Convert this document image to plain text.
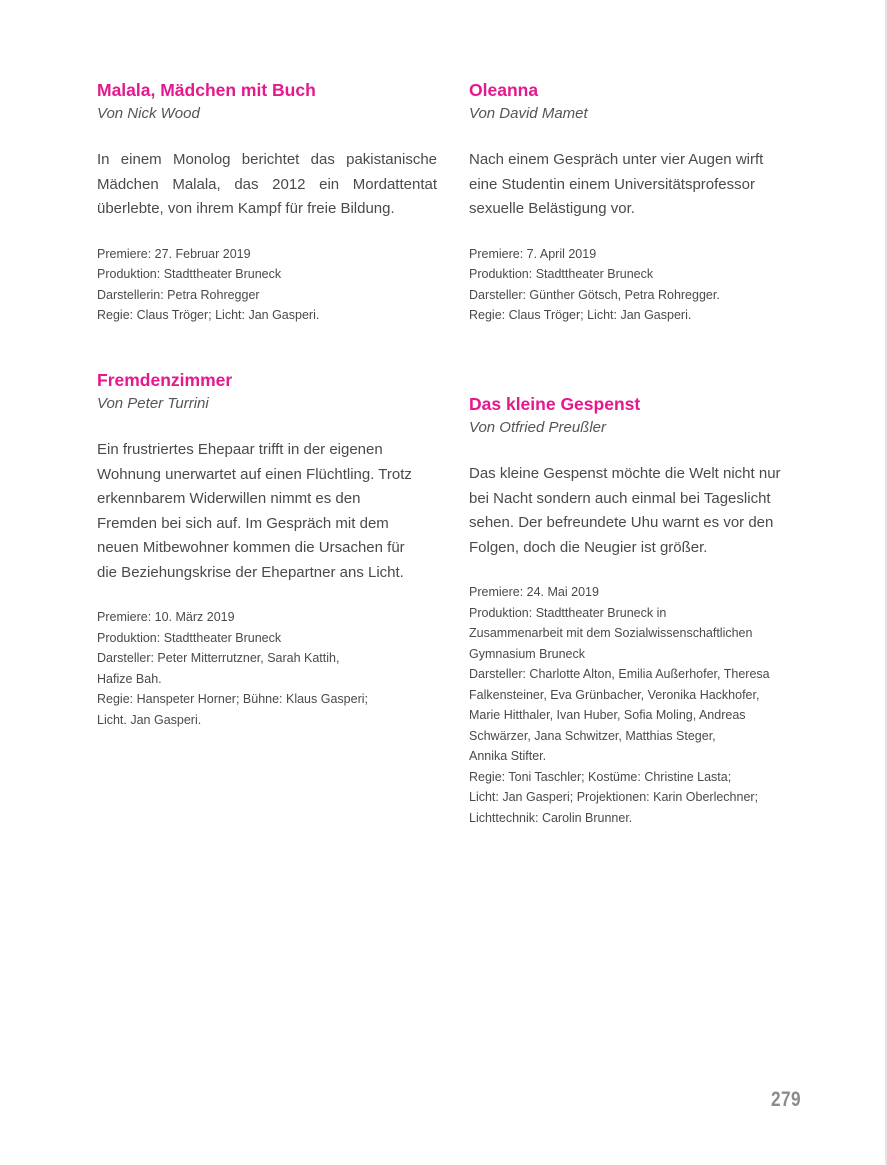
Malala, Mädchen mit Buch
Von Nick Wood
In einem Monolog berichtet das pakistanische Mädchen Malala, das 2012 ein Mordattentat überlebte, von ihrem Kampf für freie Bildung.
Premiere: 27. Februar 2019
Produktion: Stadttheater Bruneck
Darstellerin: Petra Rohregger
Regie: Claus Tröger; Licht: Jan Gasperi.
Oleanna
Von David Mamet
Nach einem Gespräch unter vier Augen wirft
eine Studentin einem Universitätsprofessor
sexuelle Belästigung vor.
Premiere: 7. April 2019
Produktion: Stadttheater Bruneck
Darsteller: Günther Götsch, Petra Rohregger.
Regie: Claus Tröger; Licht: Jan Gasperi.
Fremdenzimmer
Von Peter Turrini
Ein frustriertes Ehepaar trifft in der eigenen
Wohnung unerwartet auf einen Flüchtling. Trotz
erkennbarem Widerwillen nimmt es den
Fremden bei sich auf. Im Gespräch mit dem
neuen Mitbewohner kommen die Ursachen für
die Beziehungskrise der Ehepartner ans Licht.
Premiere: 10. März 2019
Produktion: Stadttheater Bruneck
Darsteller: Peter Mitterrutzner, Sarah Kattih,
Hafize Bah.
Regie: Hanspeter Horner; Bühne: Klaus Gasperi;
Licht. Jan Gasperi.
Das kleine Gespenst
Von Otfried Preußler
Das kleine Gespenst möchte die Welt nicht nur
bei Nacht sondern auch einmal bei Tageslicht
sehen. Der befreundete Uhu warnt es vor den
Folgen, doch die Neugier ist größer.
Premiere: 24. Mai 2019
Produktion: Stadttheater Bruneck in
Zusammenarbeit mit dem Sozialwissenschaftlichen
Gymnasium Bruneck
Darsteller: Charlotte Alton, Emilia Außerhofer, Theresa
Falkensteiner, Eva Grünbacher, Veronika Hackhofer,
Marie Hitthaler, Ivan Huber, Sofia Moling, Andreas
Schwärzer, Jana Schwitzer, Matthias Steger,
Annika Stifter.
Regie: Toni Taschler; Kostüme: Christine Lasta;
Licht: Jan Gasperi; Projektionen: Karin Oberlechner;
Lichttechnik: Carolin Brunner.
279
